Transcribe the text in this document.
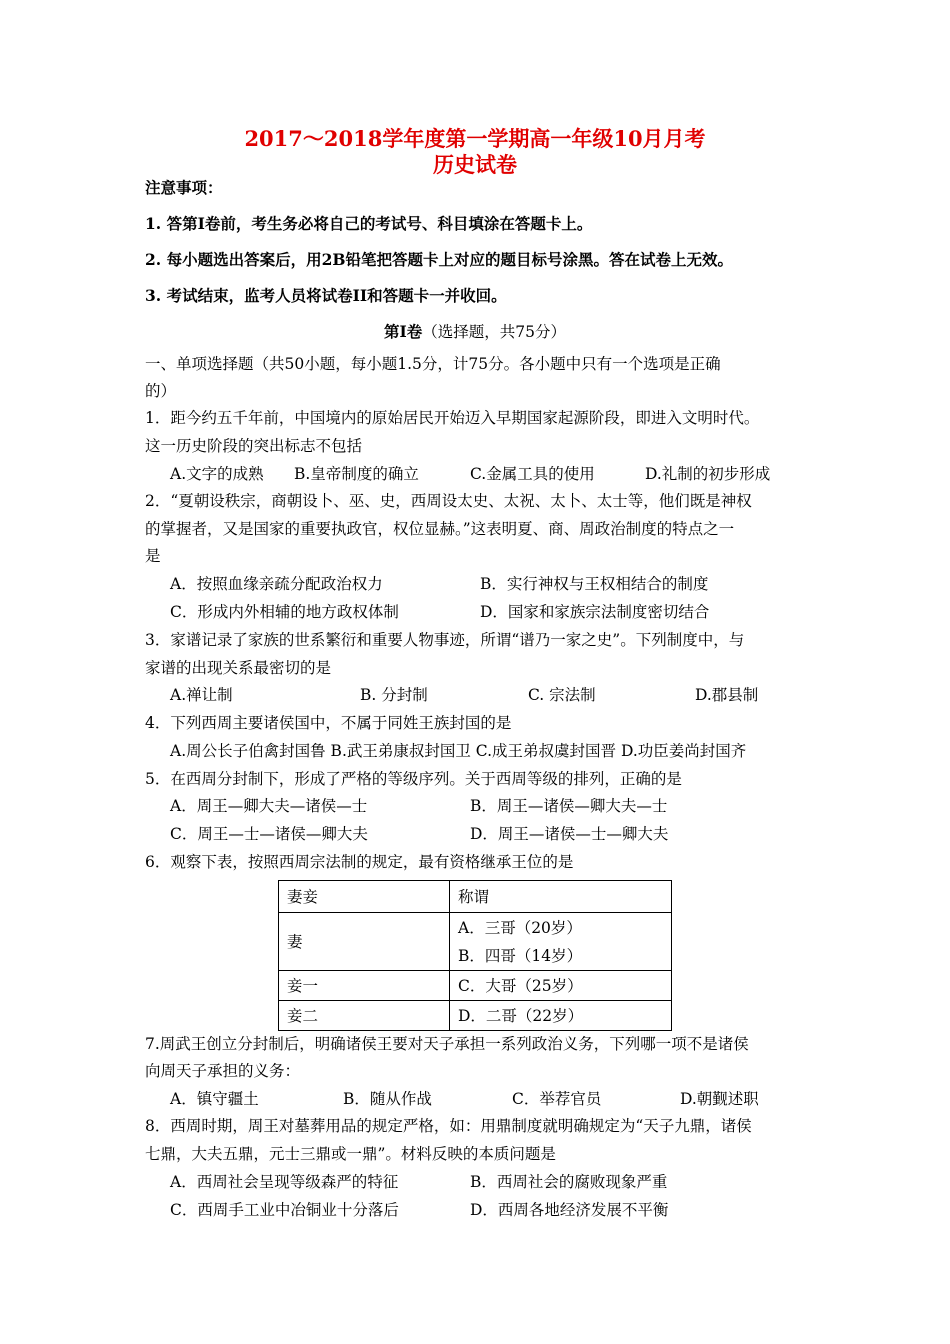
2017～2018学年度第一学期高一年级10月月考
历史试卷
注意事项：
1. 答第Ⅰ卷前，考生务必将自己的考试号、科目填涂在答题卡上。
2. 每小题选出答案后，用2B铅笔把答题卡上对应的题目标号涂黑。答在试卷上无效。
3. 考试结束，监考人员将试卷II和答题卡一并收回。
第Ⅰ卷（选择题，共75分）
一、单项选择题（共50小题，每小题1.5分，计75分。各小题中只有一个选项是正确
的）
1．距今约五千年前，中国境内的原始居民开始迈入早期国家起源阶段，即进入文明时代。
这一历史阶段的突出标志不包括
A.文字的成熟 B.皇帝制度的确立	C.金属工具的使用	D.礼制的初步形成
2．“夏朝设秩宗，商朝设卜、巫、史，西周设太史、太祝、太卜、太士等，他们既是神权
的掌握者，又是国家的重要执政官，权位显赫。”这表明夏、商、周政治制度的特点之一
是
A．按照血缘亲疏分配政治权力	B．实行神权与王权相结合的制度
C．形成内外相辅的地方政权体制	D．国家和家族宗法制度密切结合
3．家谱记录了家族的世系繁衍和重要人物事迹，所谓“谱乃一家之史”。下列制度中，与
家谱的出现关系最密切的是
A.禅让制	B. 分封制	C. 宗法制	D.郡县制
4．下列西周主要诸侯国中，不属于同姓王族封国的是
A.周公长子伯禽封国鲁 B.武王弟康叔封国卫 C.成王弟叔虞封国晋 D.功臣姜尚封国齐
5．在西周分封制下，形成了严格的等级序列。关于西周等级的排列，正确的是
A．周王—卿大夫—诸侯—士	B．周王—诸侯—卿大夫—士
C．周王—士—诸侯—卿大夫	D．周王—诸侯—士—卿大夫
6．观察下表，按照西周宗法制的规定，最有资格继承王位的是
妻妾	称谓
妻	A．三哥（20岁）
B．四哥（14岁）

妾一	C．大哥（25岁）
妾二	D．二哥（22岁）
7.周武王创立分封制后，明确诸侯王要对天子承担一系列政治义务，下列哪一项不是诸侯
向周天子承担的义务：
A．镇守疆土	B．随从作战	C．举荐官员	D.朝觐述职
8．西周时期，周王对墓葬用品的规定严格，如：用鼎制度就明确规定为“天子九鼎，诸侯
七鼎，大夫五鼎，元士三鼎或一鼎”。材料反映的本质问题是
A．西周社会呈现等级森严的特征	B．西周社会的腐败现象严重
C．西周手工业中冶铜业十分落后	D．西周各地经济发展不平衡
